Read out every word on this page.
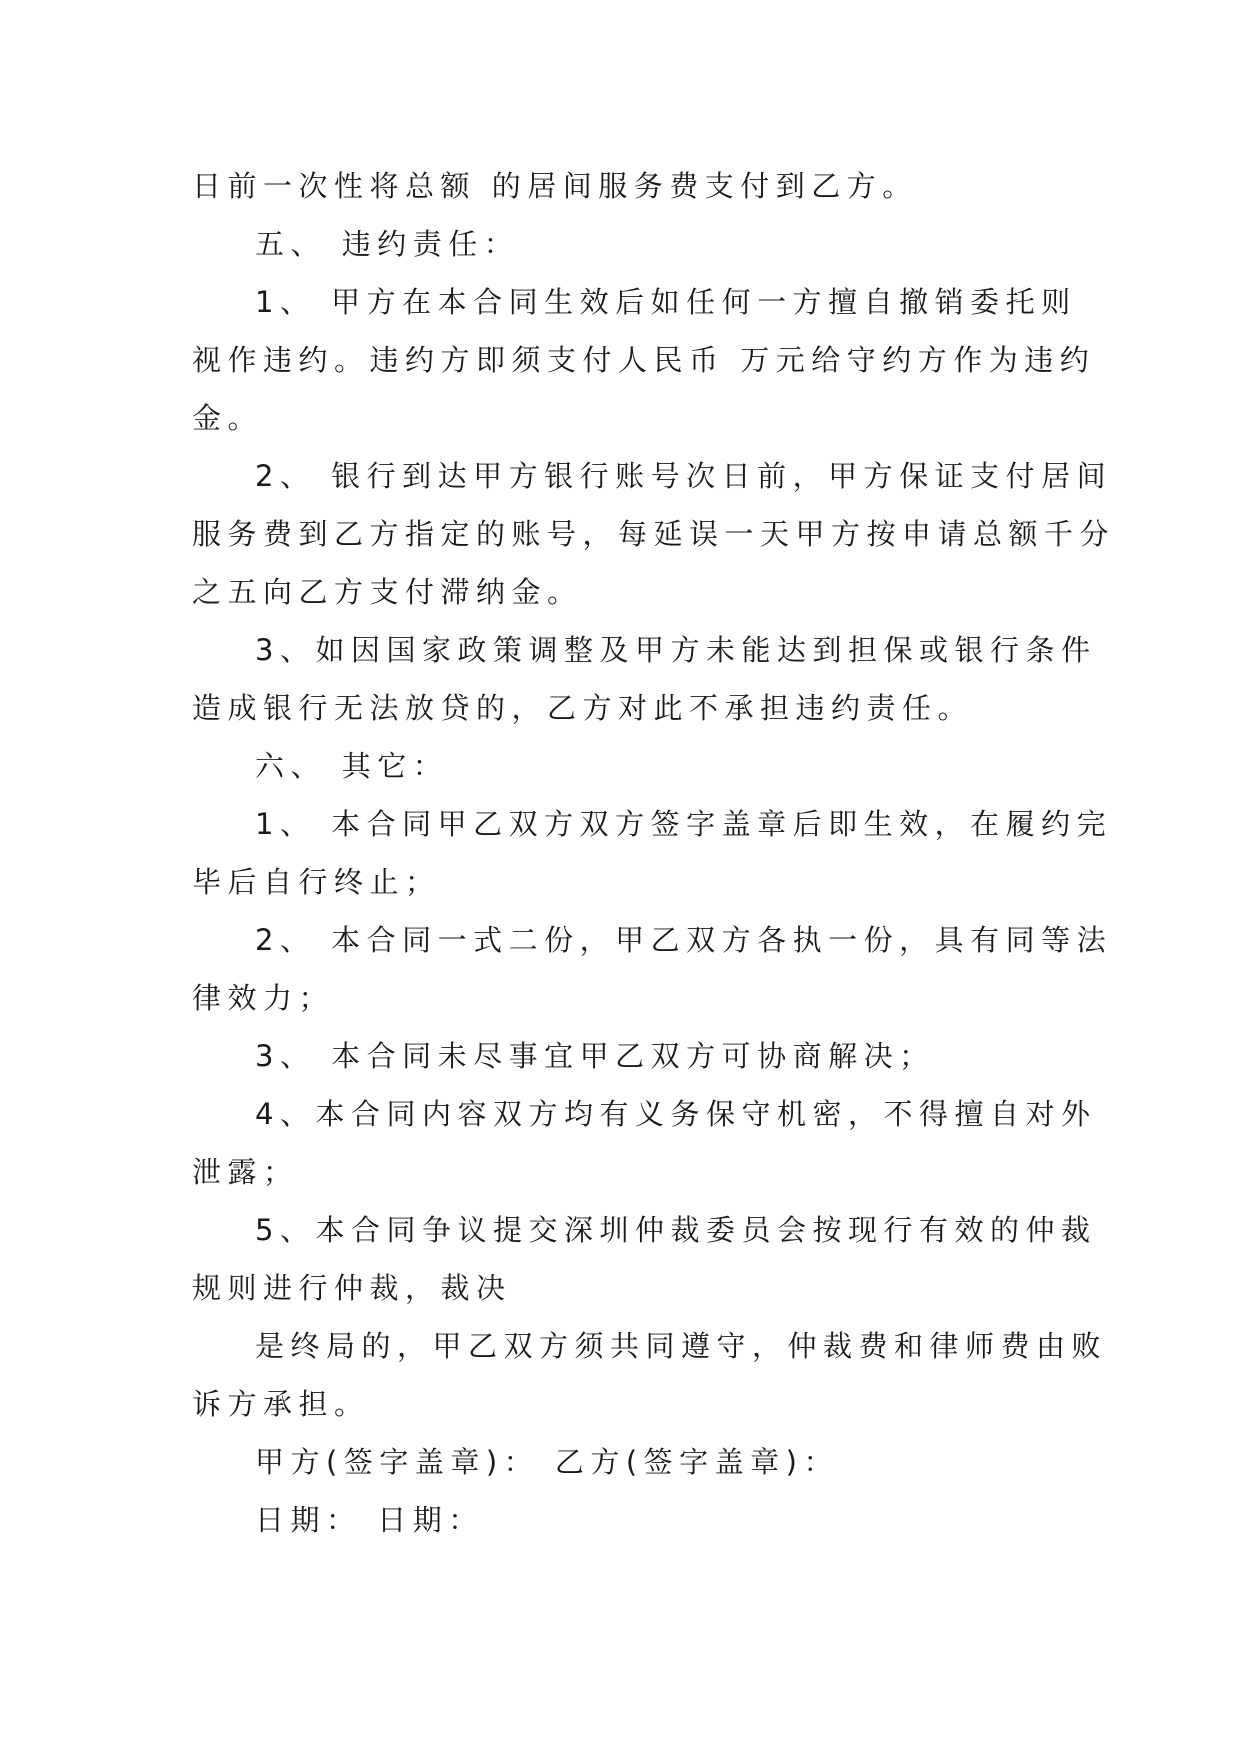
日前一次性将总额 的居间服务费支付到乙方。
五、 违约责任：
1、 甲方在本合同生效后如任何一方擅自撤销委托则
视作违约。违约方即须支付人民币 万元给守约方作为违约
金。
2、 银行到达甲方银行账号次日前，甲方保证支付居间
服务费到乙方指定的账号，每延误一天甲方按申请总额千分
之五向乙方支付滞纳金。
3、如因国家政策调整及甲方未能达到担保或银行条件
造成银行无法放贷的，乙方对此不承担违约责任。
六、 其它：
1、 本合同甲乙双方双方签字盖章后即生效，在履约完
毕后自行终止；
2、 本合同一式二份，甲乙双方各执一份，具有同等法
律效力；
3、 本合同未尽事宜甲乙双方可协商解决；
4、本合同内容双方均有义务保守机密，不得擅自对外
泄露；
5、本合同争议提交深圳仲裁委员会按现行有效的仲裁
规则进行仲裁，裁决
是终局的，甲乙双方须共同遵守，仲裁费和律师费由败
诉方承担。
甲方(签字盖章)： 乙方(签字盖章)：
日期： 日期：
